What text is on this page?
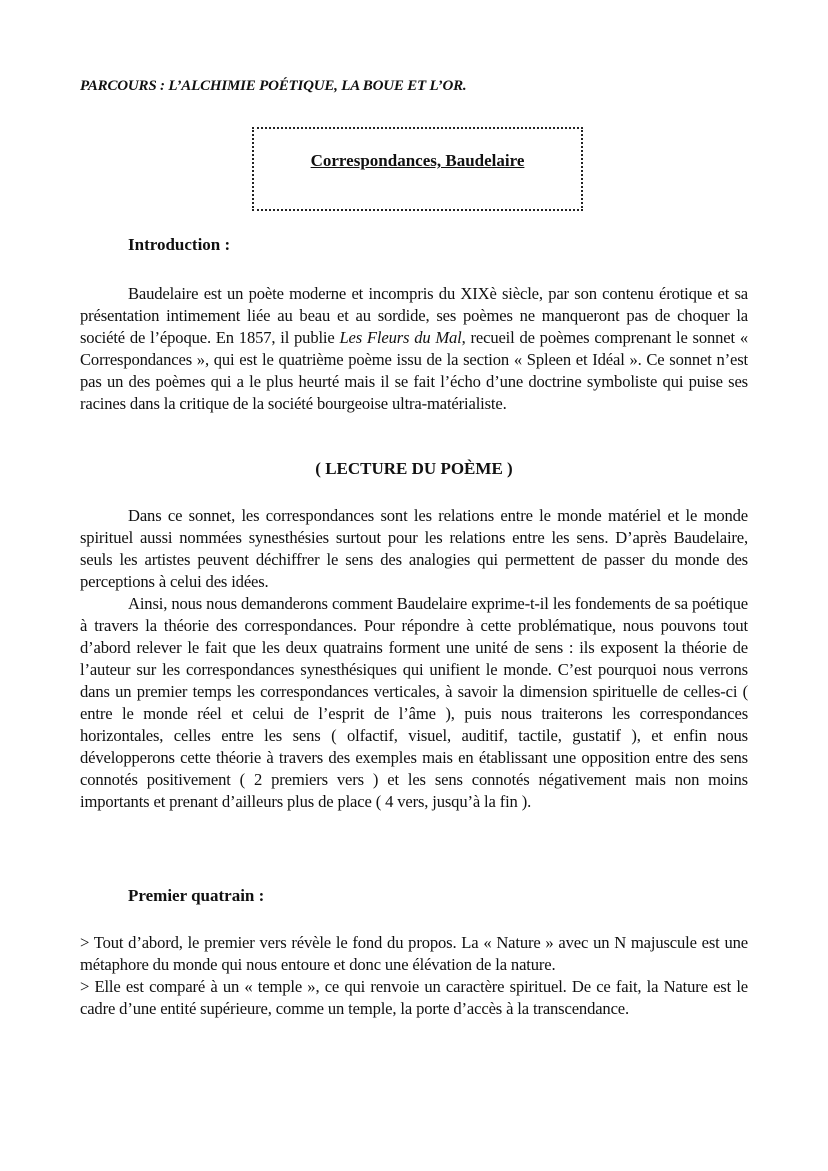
PARCOURS : L’ALCHIMIE POÉTIQUE, LA BOUE ET L’OR.
Correspondances, Baudelaire
Introduction :

Baudelaire est un poète moderne et incompris du XIXè siècle, par son contenu érotique et sa présentation intimement liée au beau et au sordide, ses poèmes ne manqueront pas de choquer la société de l’époque. En 1857, il publie Les Fleurs du Mal, recueil de poèmes comprenant le sonnet « Correspondances », qui est le quatrième poème issu de la section « Spleen et Idéal ». Ce sonnet n’est pas un des poèmes qui a le plus heurté mais il se fait l’écho d’une doctrine symboliste qui puise ses racines dans la critique de la société bourgeoise ultra-matérialiste.

( LECTURE DU POÈME )

Dans ce sonnet, les correspondances sont les relations entre le monde matériel et le monde spirituel aussi nommées synesthésies surtout pour les relations entre les sens. D’après Baudelaire, seuls les artistes peuvent déchiffrer le sens des analogies qui permettent de passer du monde des perceptions à celui des idées.

Ainsi, nous nous demanderons comment Baudelaire exprime-t-il les fondements de sa poétique à travers la théorie des correspondances. Pour répondre à cette problématique, nous pouvons tout d’abord relever le fait que les deux quatrains forment une unité de sens : ils exposent la théorie de l’auteur sur les correspondances synesthésiques qui unifient le monde. C’est pourquoi nous verrons dans un premier temps les correspondances verticales, à savoir la dimension spirituelle de celles-ci ( entre le monde réel et celui de l’esprit de l’âme ), puis nous traiterons les correspondances horizontales, celles entre les sens ( olfactif, visuel, auditif, tactile, gustatif ), et enfin nous développerons cette théorie à travers des exemples mais en établissant une opposition entre des sens connotés positivement ( 2 premiers vers ) et les sens connotés négativement mais non moins importants et prenant d’ailleurs plus de place ( 4 vers, jusqu’à la fin ).

Premier quatrain :

> Tout d’abord, le premier vers révèle le fond du propos. La « Nature » avec un N majuscule est une métaphore du monde qui nous entoure et donc une élévation de la nature.

> Elle est comparé à un « temple », ce qui renvoie un caractère spirituel. De ce fait, la Nature est le cadre d’une entité supérieure, comme un temple, la porte d’accès à la transcendance.
